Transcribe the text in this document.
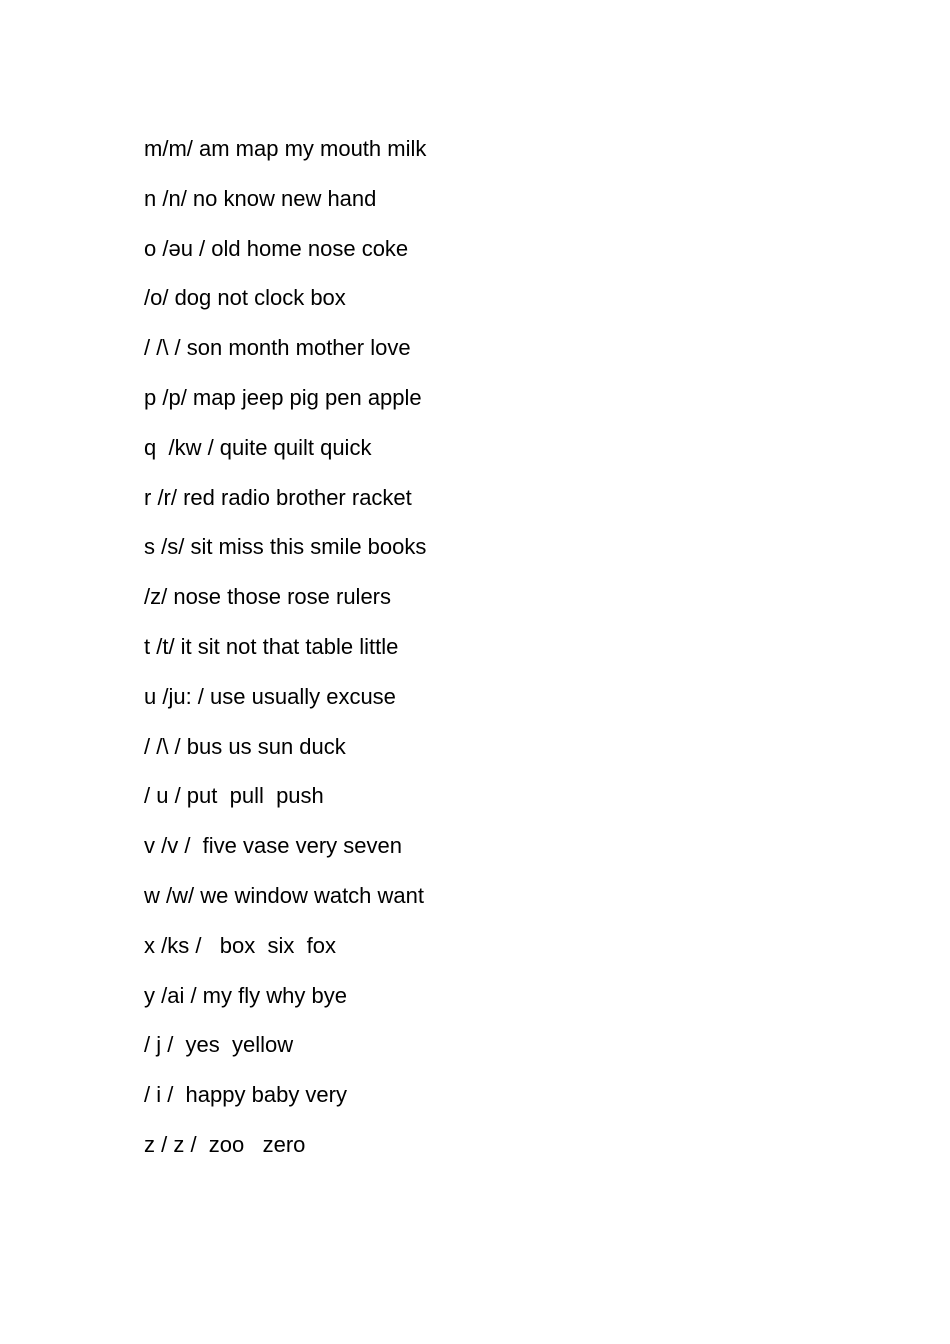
m/m/ am map my mouth milk
n /n/ no know new hand
o /əu / old home nose coke
/o/ dog not clock box
/ /\ / son month mother love
p /p/ map jeep pig pen apple
q  /kw / quite quilt quick
r /r/ red radio brother racket
s /s/ sit miss this smile books
/z/ nose those rose rulers
t /t/ it sit not that table little
u /ju: / use usually excuse
/ /\ / bus us sun duck
/ u / put  pull  push
v /v /  five vase very seven
w /w/ we window watch want
x /ks /   box  six  fox
y /ai / my fly why bye
/ j /  yes  yellow
/ i /  happy baby very
z / z /  zoo   zero
